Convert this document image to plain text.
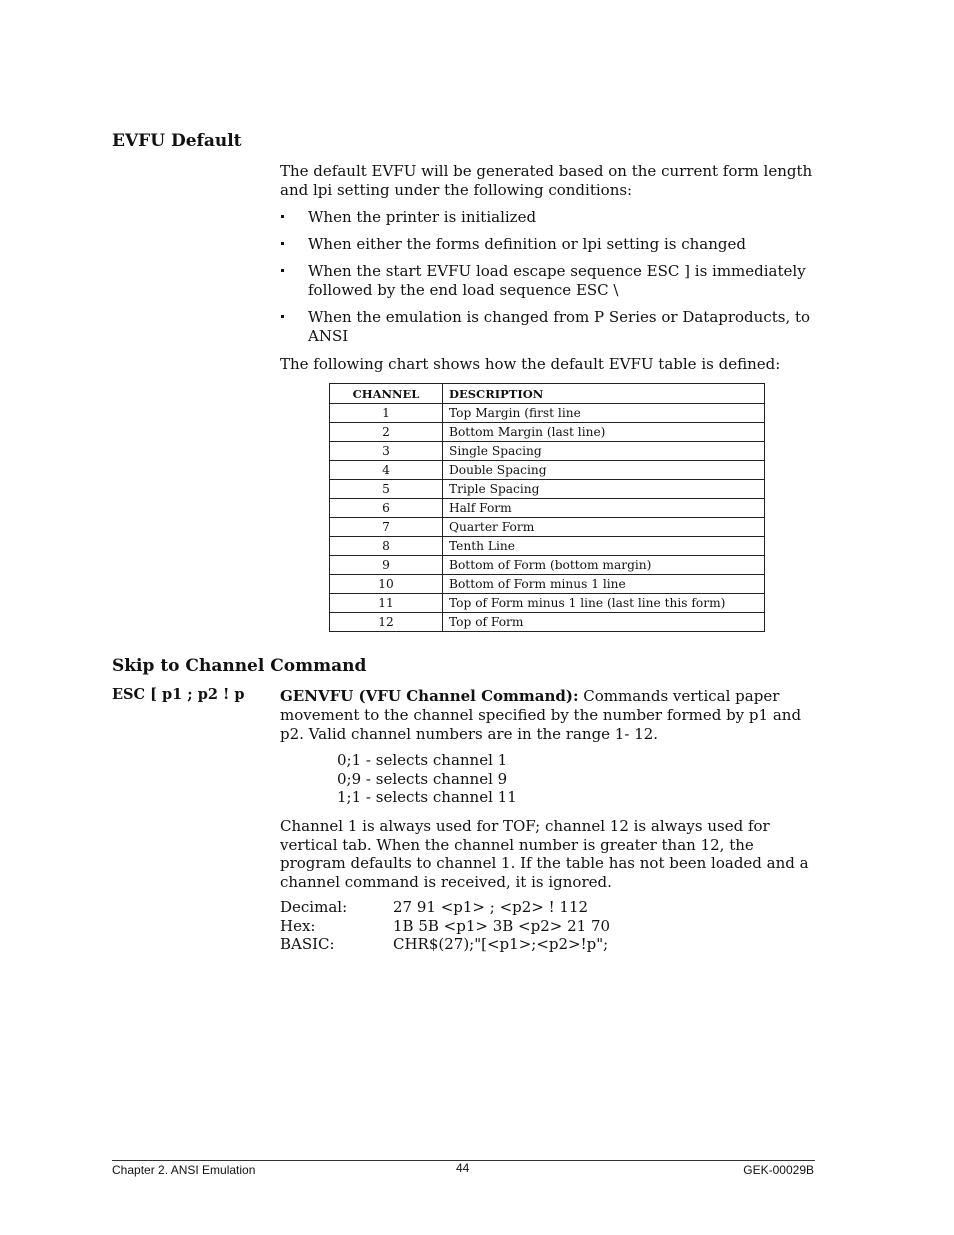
EVFU Default

The default EVFU will be generated based on the current form length and lpi setting under the following conditions:

When the printer is initialized
When either the forms definition or lpi setting is changed
When the start EVFU load escape sequence ESC ] is immediately followed by the end load sequence ESC \
When the emulation is changed from P Series or Dataproducts, to ANSI

The following chart shows how the default EVFU table is defined:

CHANNEL	DESCRIPTION
1	Top Margin (first line
2	Bottom Margin (last line)
3	Single Spacing
4	Double Spacing
5	Triple Spacing
6	Half Form
7	Quarter Form
8	Tenth Line
9	Bottom of Form (bottom margin)
10	Bottom of Form minus 1 line
11	Top of Form minus 1 line (last line this form)
12	Top of Form
Skip to Channel Command
ESC [ p1 ; p2 ! p GENVFU (VFU Channel Command): Commands vertical paper movement to the channel specified by the number formed by p1 and p2. Valid channel numbers are in the range 1- 12.

0;1 - selects channel 1
0;9 - selects channel 9
1;1 - selects channel 11

Channel 1 is always used for TOF; channel 12 is always used for vertical tab. When the channel number is greater than 12, the program defaults to channel 1. If the table has not been loaded and a channel command is received, it is ignored.

Decimal:	27 91 <p1> ; <p2> ! 112
Hex:	1B 5B <p1> 3B <p2> 21 70
BASIC:	CHR$(27);"[<p1>;<p2>!p";
Chapter 2. ANSI Emulation	44	GEK-00029B
